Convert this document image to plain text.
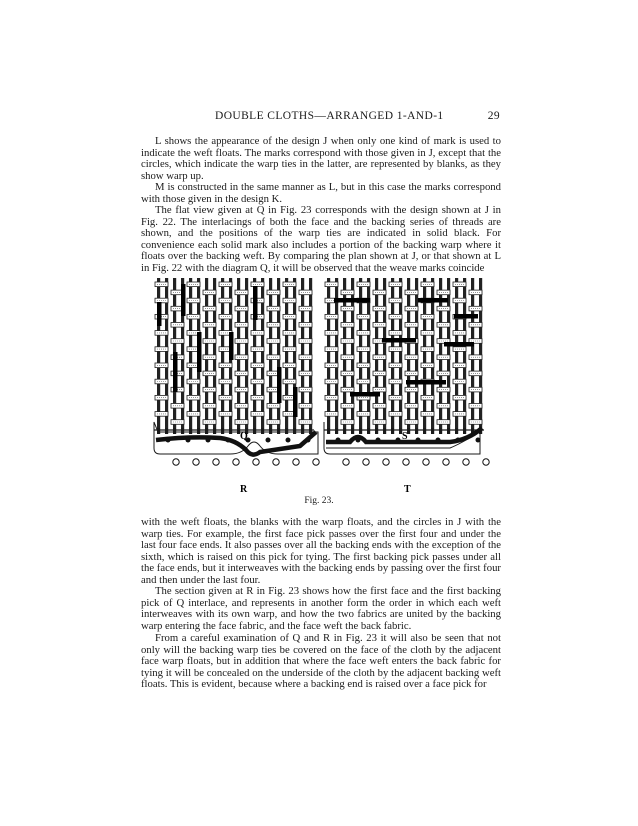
DOUBLE CLOTHS—ARRANGED 1-AND-1	29

L shows the appearance of the design J when only one kind of mark is used to indicate the weft floats. The marks correspond with those given in J, except that the circles, which indicate the warp ties in the latter, are represented by blanks, as they show warp up.

M is constructed in the same manner as L, but in this case the marks correspond with those given in the design K.

The flat view given at Q in Fig. 23 corresponds with the design shown at J in Fig. 22. The interlacings of both the face and the backing series of threads are shown, and the positions of the warp ties are indicated in solid black. For convenience each solid mark also includes a portion of the backing warp where it floats over the backing weft. By comparing the plan shown at J, or that shown at L in Fig. 22 with the diagram Q, it will be observed that the weave marks coincide

Q	S
R	T
Fig. 23.

with the weft floats, the blanks with the warp floats, and the circles in J with the warp ties. For example, the first face pick passes over the first four and under the last four face ends. It also passes over all the backing ends with the exception of the sixth, which is raised on this pick for tying. The first backing pick passes under all the face ends, but it interweaves with the backing ends by passing over the first four and then under the last four.

The section given at R in Fig. 23 shows how the first face and the first backing pick of Q interlace, and represents in another form the order in which each weft interweaves with its own warp, and how the two fabrics are united by the backing warp entering the face fabric, and the face weft the back fabric.

From a careful examination of Q and R in Fig. 23 it will also be seen that not only will the backing warp ties be covered on the face of the cloth by the adjacent face warp floats, but in addition that where the face weft enters the back fabric for tying it will be concealed on the underside of the cloth by the adjacent backing weft floats. This is evident, because where a backing end is raised over a face pick for
